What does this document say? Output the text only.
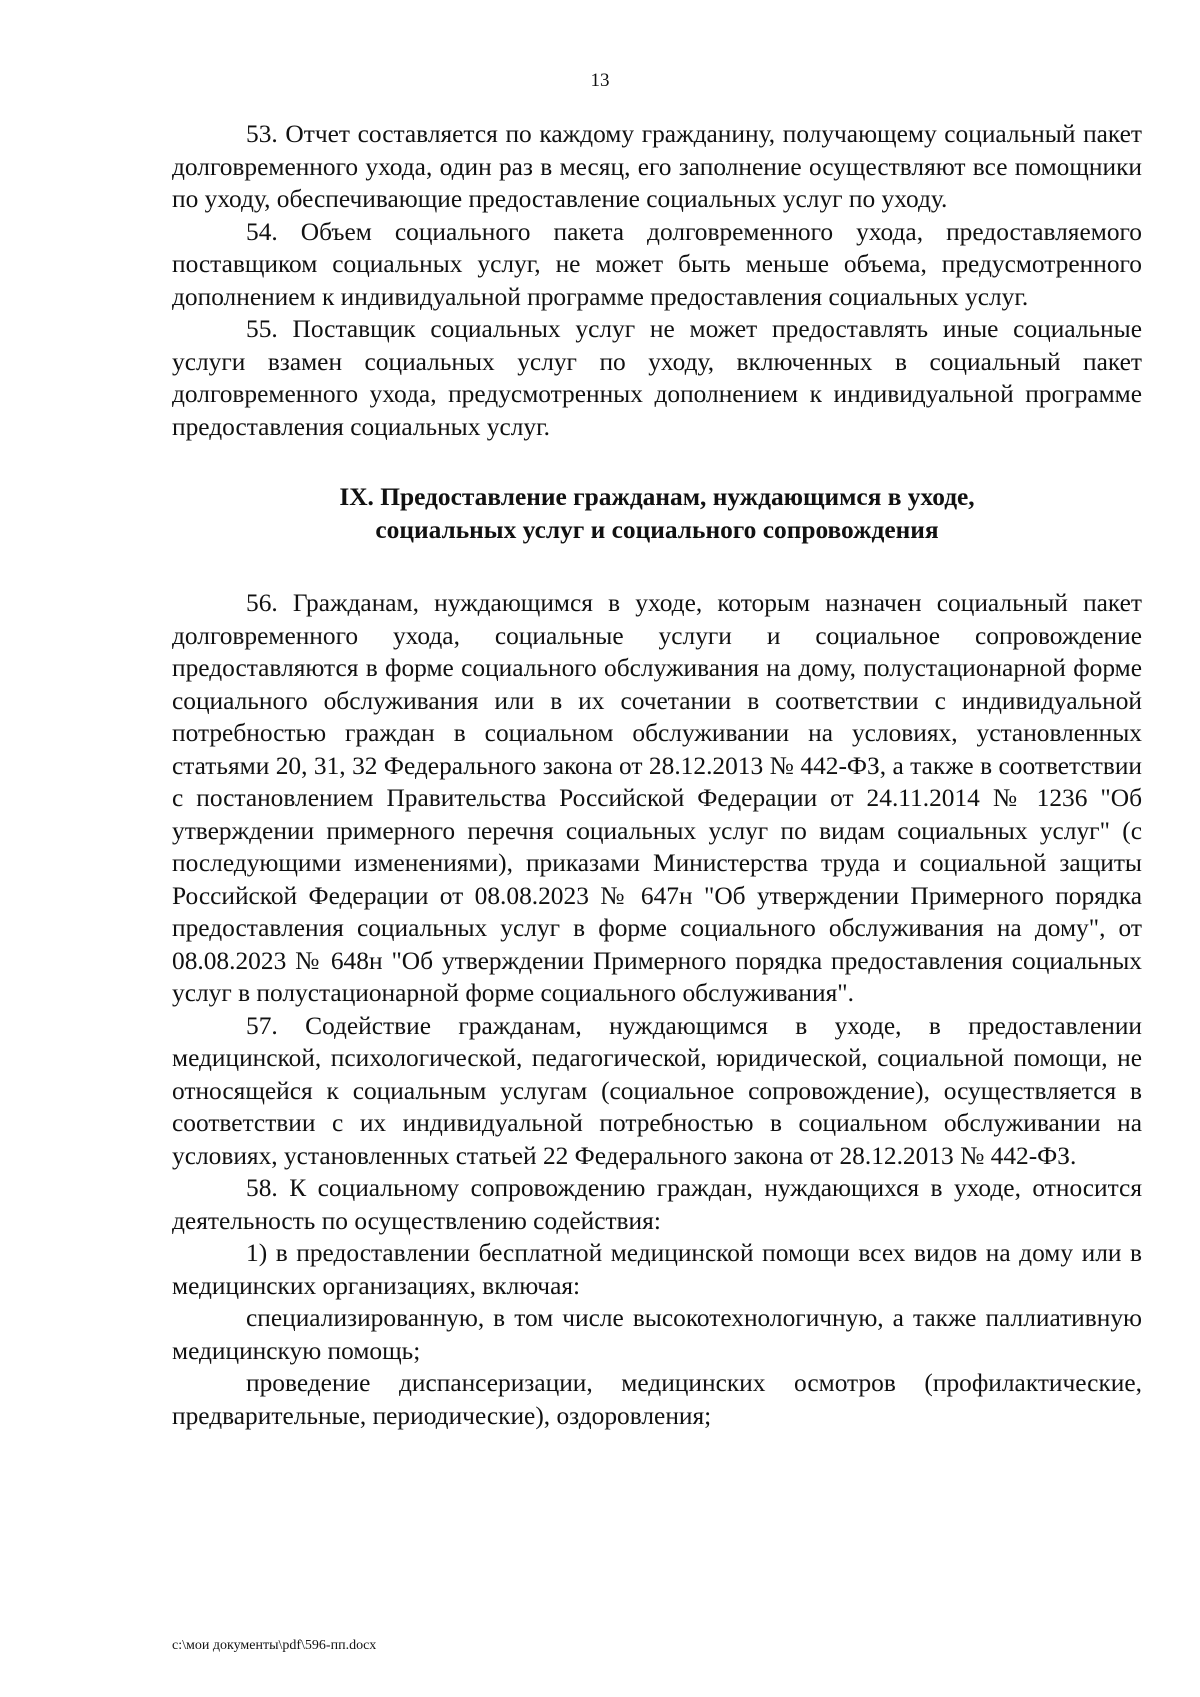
13

53. Отчет составляется по каждому гражданину, получающему социальный пакет долговременного ухода, один раз в месяц, его заполнение осуществляют все помощники по уходу, обеспечивающие предоставление социальных услуг по уходу.

54. Объем социального пакета долговременного ухода, предоставляемого поставщиком социальных услуг, не может быть меньше объема, предусмотренного дополнением к индивидуальной программе предоставления социальных услуг.

55. Поставщик социальных услуг не может предоставлять иные социальные услуги взамен социальных услуг по уходу, включенных в социальный пакет долговременного ухода, предусмотренных дополнением к индивидуальной программе предоставления социальных услуг.

IX. Предоставление гражданам, нуждающимся в уходе,
социальных услуг и социального сопровождения

56. Гражданам, нуждающимся в уходе, которым назначен социальный пакет долговременного ухода, социальные услуги и социальное сопровождение предоставляются в форме социального обслуживания на дому, полустационарной форме социального обслуживания или в их сочетании в соответствии с индивидуальной потребностью граждан в социальном обслуживании на условиях, установленных статьями 20, 31, 32 Федерального закона от 28.12.2013 № 442-ФЗ, а также в соответствии с постановлением Правительства Российской Федерации от 24.11.2014 № 1236 "Об утверждении примерного перечня социальных услуг по видам социальных услуг" (с последующими изменениями), приказами Министерства труда и социальной защиты Российской Федерации от 08.08.2023 № 647н "Об утверждении Примерного порядка предоставления социальных услуг в форме социального обслуживания на дому", от 08.08.2023 № 648н "Об утверждении Примерного порядка предоставления социальных услуг в полустационарной форме социального обслуживания".

57. Содействие гражданам, нуждающимся в уходе, в предоставлении медицинской, психологической, педагогической, юридической, социальной помощи, не относящейся к социальным услугам (социальное сопровождение), осуществляется в соответствии с их индивидуальной потребностью в социальном обслуживании на условиях, установленных статьей 22 Федерального закона от 28.12.2013 № 442-ФЗ.

58. К социальному сопровождению граждан, нуждающихся в уходе, относится деятельность по осуществлению содействия:

1) в предоставлении бесплатной медицинской помощи всех видов на дому или в медицинских организациях, включая:

специализированную, в том числе высокотехнологичную, а также паллиативную медицинскую помощь;

проведение диспансеризации, медицинских осмотров (профилактические, предварительные, периодические), оздоровления;

c:\мои документы\pdf\596-пп.docx
